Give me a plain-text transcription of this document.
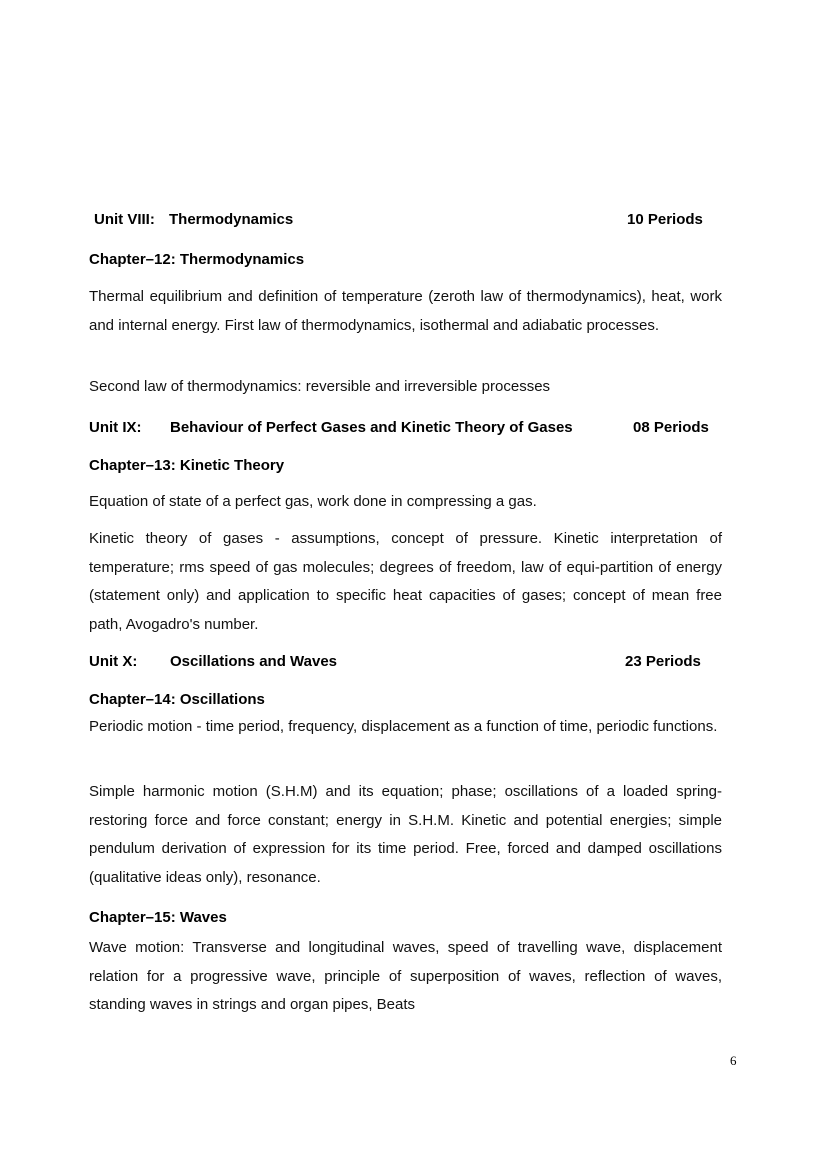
Unit VIII: Thermodynamics	10 Periods
Chapter–12: Thermodynamics
Thermal equilibrium and definition of temperature (zeroth law of thermodynamics), heat, work and internal energy. First law of thermodynamics, isothermal and adiabatic processes.
Second law of thermodynamics: reversible and irreversible processes
Unit IX: Behaviour of Perfect Gases and Kinetic Theory of Gases	08 Periods
Chapter–13: Kinetic Theory
Equation of state of a perfect gas, work done in compressing a gas.
Kinetic theory of gases - assumptions, concept of pressure. Kinetic interpretation of temperature; rms speed of gas molecules; degrees of freedom, law of equi-partition of energy (statement only) and application to specific heat capacities of gases; concept of mean free path, Avogadro's number.
Unit X: Oscillations and Waves	23 Periods
Chapter–14: Oscillations
Periodic motion - time period, frequency, displacement as a function of time, periodic functions.
Simple harmonic motion (S.H.M) and its equation; phase; oscillations of a loaded spring-restoring force and force constant; energy in S.H.M. Kinetic and potential energies; simple pendulum derivation of expression for its time period. Free, forced and damped oscillations (qualitative ideas only), resonance.
Chapter–15: Waves
Wave motion: Transverse and longitudinal waves, speed of travelling wave, displacement relation for a progressive wave, principle of superposition of waves, reflection of waves, standing waves in strings and organ pipes, Beats
6
